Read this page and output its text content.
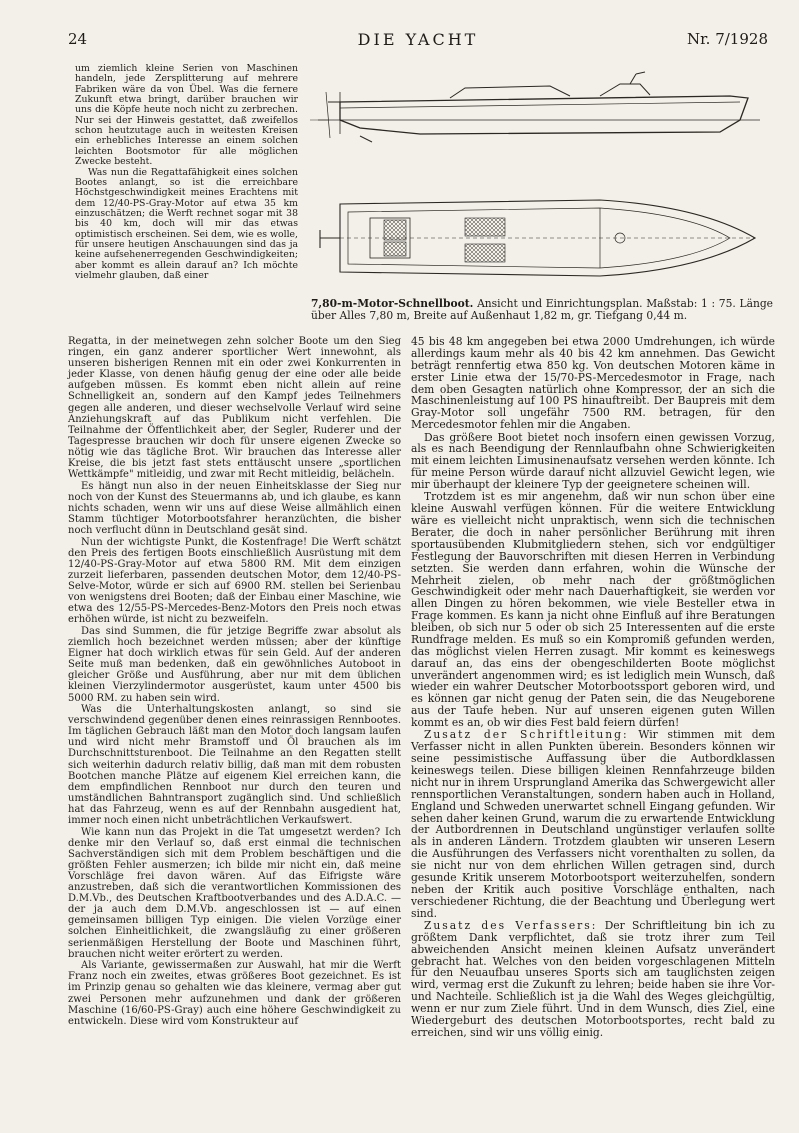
24	DIE YACHT	Nr. 7/1928

um ziemlich kleine Serien von Maschinen handeln, jede Zersplitterung auf mehrere Fabriken wäre da von Übel. Was die fernere Zukunft etwa bringt, darüber brauchen wir uns die Köpfe heute noch nicht zu zerbrechen. Nur sei der Hinweis gestattet, daß zweifellos schon heutzutage auch in weitesten Kreisen ein erhebliches Interesse an einem solchen leichten Bootsmotor für alle möglichen Zwecke besteht.

Was nun die Regattafähigkeit eines solchen Bootes anlangt, so ist die erreichbare Höchstgeschwindigkeit meines Erachtens mit dem 12/40-PS-Gray-Motor auf etwa 35 km einzuschätzen; die Werft rechnet sogar mit 38 bis 40 km, doch will mir das etwas optimistisch erscheinen. Sei dem, wie es wolle, für unsere heutigen Anschauungen sind das ja keine aufsehenerregenden Geschwindigkeiten; aber kommt es allein darauf an? Ich möchte vielmehr glauben, daß einer

7,80-m-Motor-Schnellboot. Ansicht und Einrichtungsplan. Maßstab: 1 : 75. Länge über Alles 7,80 m, Breite auf Außenhaut 1,82 m, gr. Tiefgang 0,44 m.

Regatta, in der meinetwegen zehn solcher Boote um den Sieg ringen, ein ganz anderer sportlicher Wert innewohnt, als unseren bisherigen Rennen mit ein oder zwei Konkurrenten in jeder Klasse, von denen häufig genug der eine oder alle beide aufgeben müssen. Es kommt eben nicht allein auf reine Schnelligkeit an, sondern auf den Kampf jedes Teilnehmers gegen alle anderen, und dieser wechselvolle Verlauf wird seine Anziehungskraft auf das Publikum nicht verfehlen. Die Teilnahme der Öffentlichkeit aber, der Segler, Ruderer und der Tagespresse brauchen wir doch für unsere eigenen Zwecke so nötig wie das tägliche Brot. Wir brauchen das Interesse aller Kreise, die bis jetzt fast stets enttäuscht unsere „sportlichen Wettkämpfe" mitleidig, und zwar mit Recht mitleidig, belächeln.

Es hängt nun also in der neuen Einheitsklasse der Sieg nur noch von der Kunst des Steuermanns ab, und ich glaube, es kann nichts schaden, wenn wir uns auf diese Weise allmählich einen Stamm tüchtiger Motorbootsfahrer heranzüchten, die bisher noch verflucht dünn in Deutschland gesät sind.

Nun der wichtigste Punkt, die Kostenfrage! Die Werft schätzt den Preis des fertigen Boots einschließlich Ausrüstung mit dem 12/40-PS-Gray-Motor auf etwa 5800 RM. Mit dem einzigen zurzeit lieferbaren, passenden deutschen Motor, dem 12/40-PS-Selve-Motor, würde er sich auf 6900 RM. stellen bei Serienbau von wenigstens drei Booten; daß der Einbau einer Maschine, wie etwa des 12/55-PS-Mercedes-Benz-Motors den Preis noch etwas erhöhen würde, ist nicht zu bezweifeln.

Das sind Summen, die für jetzige Begriffe zwar absolut als ziemlich hoch bezeichnet werden müssen; aber der künftige Eigner hat doch wirklich etwas für sein Geld. Auf der anderen Seite muß man bedenken, daß ein gewöhnliches Autoboot in gleicher Größe und Ausführung, aber nur mit dem üblichen kleinen Vierzylindermotor ausgerüstet, kaum unter 4500 bis 5000 RM. zu haben sein wird.

Was die Unterhaltungskosten anlangt, so sind sie verschwindend gegenüber denen eines reinrassigen Rennbootes. Im täglichen Gebrauch läßt man den Motor doch langsam laufen und wird nicht mehr Bramstoff und Öl brauchen als im Durchschnittsturenboot. Die Teilnahme an den Regatten stellt sich weiterhin dadurch relativ billig, daß man mit dem robusten Bootchen manche Plätze auf eigenem Kiel erreichen kann, die dem empfindlichen Rennboot nur durch den teuren und umständlichen Bahntransport zugänglich sind. Und schließlich hat das Fahrzeug, wenn es auf der Rennbahn ausgedient hat, immer noch einen nicht unbeträchtlichen Verkaufswert.

Wie kann nun das Projekt in die Tat umgesetzt werden? Ich denke mir den Verlauf so, daß erst einmal die technischen Sachverständigen sich mit dem Problem beschäftigen und die größten Fehler ausmerzen; ich bilde mir nicht ein, daß meine Vorschläge frei davon wären. Auf das Eifrigste wäre anzustreben, daß sich die verantwortlichen Kommissionen des D.M.Vb., des Deutschen Kraftbootverbandes und des A.D.A.C. — der ja auch dem D.M.Vb. angeschlossen ist — auf einen gemeinsamen billigen Typ einigen. Die vielen Vorzüge einer solchen Einheitlichkeit, die zwangsläufig zu einer größeren serienmäßigen Herstellung der Boote und Maschinen führt, brauchen nicht weiter erörtert zu werden.

Als Variante, gewissermaßen zur Auswahl, hat mir die Werft Franz noch ein zweites, etwas größeres Boot gezeichnet. Es ist im Prinzip genau so gehalten wie das kleinere, vermag aber gut zwei Personen mehr aufzunehmen und dank der größeren Maschine (16/60-PS-Gray) auch eine höhere Geschwindigkeit zu entwickeln. Diese wird vom Konstrukteur auf

45 bis 48 km angegeben bei etwa 2000 Umdrehungen, ich würde allerdings kaum mehr als 40 bis 42 km annehmen. Das Gewicht beträgt rennfertig etwa 850 kg. Von deutschen Motoren käme in erster Linie etwa der 15/70-PS-Mercedesmotor in Frage, nach dem oben Gesagten natürlich ohne Kompressor, der an sich die Maschinenleistung auf 100 PS hinauftreibt. Der Baupreis mit dem Gray-Motor soll ungefähr 7500 RM. betragen, für den Mercedesmotor fehlen mir die Angaben.

Das größere Boot bietet noch insofern einen gewissen Vorzug, als es nach Beendigung der Rennlaufbahn ohne Schwierigkeiten mit einem leichten Limusinenaufsatz versehen werden könnte. Ich für meine Person würde darauf nicht allzuviel Gewicht legen, wie mir überhaupt der kleinere Typ der geeignetere scheinen will.

Trotzdem ist es mir angenehm, daß wir nun schon über eine kleine Auswahl verfügen können. Für die weitere Entwicklung wäre es vielleicht nicht unpraktisch, wenn sich die technischen Berater, die doch in naher persönlicher Berührung mit ihren sportausübenden Klubmitgliedern stehen, sich vor endgültiger Festlegung der Bauvorschriften mit diesen Herren in Verbindung setzten. Sie werden dann erfahren, wohin die Wünsche der Mehrheit zielen, ob mehr nach der größtmöglichen Geschwindigkeit oder mehr nach Dauerhaftigkeit, sie werden vor allen Dingen zu hören bekommen, wie viele Besteller etwa in Frage kommen. Es kann ja nicht ohne Einfluß auf ihre Beratungen bleiben, ob sich nur 5 oder ob sich 25 Interessenten auf die erste Rundfrage melden. Es muß so ein Kompromiß gefunden werden, das möglichst vielen Herren zusagt. Mir kommt es keineswegs darauf an, das eins der obengeschilderten Boote möglichst unverändert angenommen wird; es ist lediglich mein Wunsch, daß wieder ein wahrer Deutscher Motorbootssport geboren wird, und es können gar nicht genug der Paten sein, die das Neugeborene aus der Taufe heben. Nur auf unseren eigenen guten Willen kommt es an, ob wir dies Fest bald feiern dürfen!

Zusatz der Schriftleitung: Wir stimmen mit dem Verfasser nicht in allen Punkten überein. Besonders können wir seine pessimistische Auffassung über die Autbordklassen keineswegs teilen. Diese billigen kleinen Rennfahrzeuge bilden nicht nur in ihrem Ursprungland Amerika das Schwergewicht aller rennsportlichen Veranstaltungen, sondern haben auch in Holland, England und Schweden unerwartet schnell Eingang gefunden. Wir sehen daher keinen Grund, warum die zu erwartende Entwicklung der Autbordrennen in Deutschland ungünstiger verlaufen sollte als in anderen Ländern. Trotzdem glaubten wir unseren Lesern die Ausführungen des Verfassers nicht vorenthalten zu sollen, da sie nicht nur von dem ehrlichen Willen getragen sind, durch gesunde Kritik unserem Motorbootsport weiterzuhelfen, sondern neben der Kritik auch positive Vorschläge enthalten, nach verschiedener Richtung, die der Beachtung und Überlegung wert sind.

Zusatz des Verfassers: Der Schriftleitung bin ich zu größtem Dank verpflichtet, daß sie trotz ihrer zum Teil abweichenden Ansicht meinen kleinen Aufsatz unverändert gebracht hat. Welches von den beiden vorgeschlagenen Mitteln für den Neuaufbau unseres Sports sich am tauglichsten zeigen wird, vermag erst die Zukunft zu lehren; beide haben sie ihre Vor- und Nachteile. Schließlich ist ja die Wahl des Weges gleichgültig, wenn er nur zum Ziele führt. Und in dem Wunsch, dies Ziel, eine Wiedergeburt des deutschen Motorbootsportes, recht bald zu erreichen, sind wir uns völlig einig.
